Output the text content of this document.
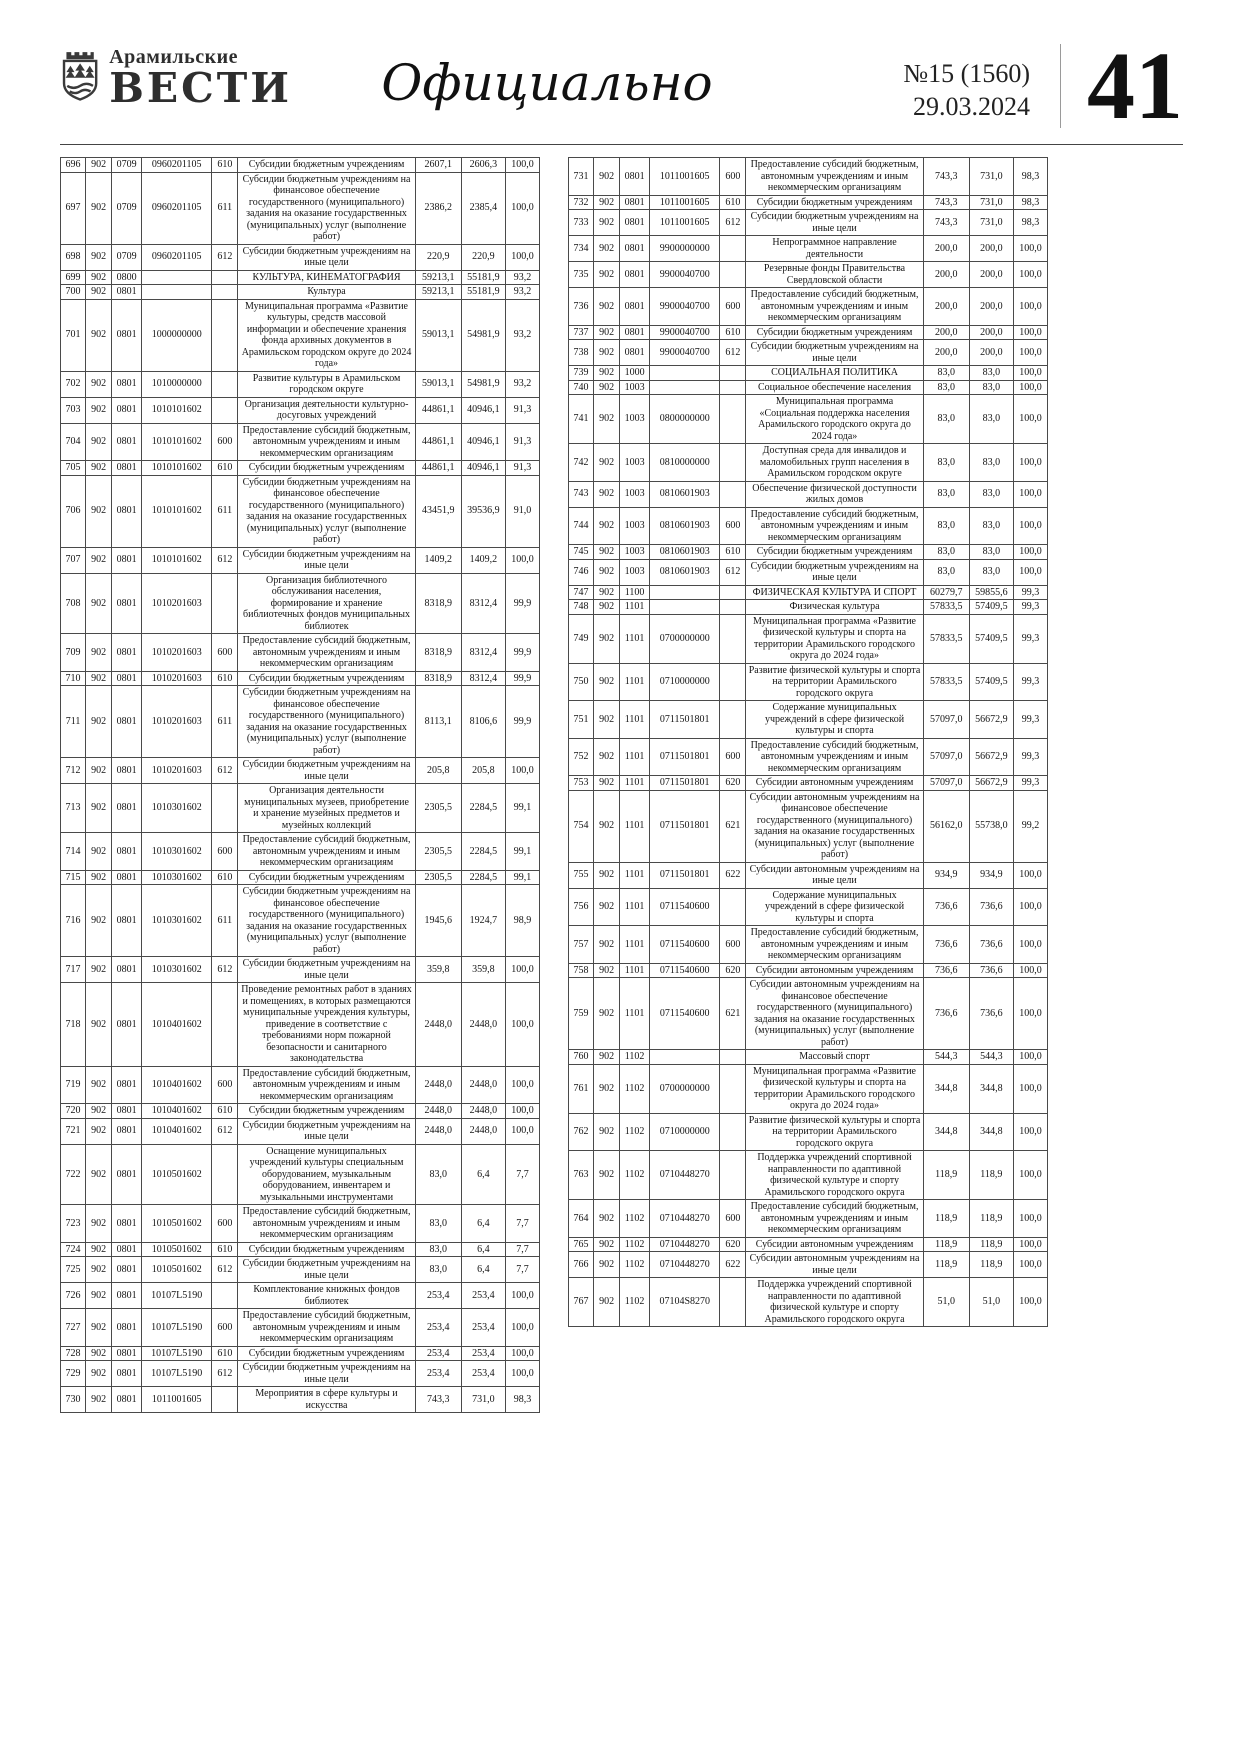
Арамильские
ВЕСТИ	Официально	№15 (1560)
29.03.2024 41
696	902	0709	0960201105	610	Субсидии бюджетным учреждениям	2607,1	2606,3	100,0
697	902	0709	0960201105	611	Субсидии бюджетным учреждениям на финансовое обеспечение государственного (муниципального) задания на оказание государственных (муниципальных) услуг (выполнение работ)	2386,2	2385,4	100,0
698	902	0709	0960201105	612	Субсидии бюджетным учреждениям на иные цели	220,9	220,9	100,0
699	902	0800			КУЛЬТУРА, КИНЕМАТОГРАФИЯ	59213,1	55181,9	93,2
700	902	0801			Культура	59213,1	55181,9	93,2
701	902	0801	1000000000		Муниципальная программа «Развитие культуры, средств массовой информации и обеспечение хранения фонда архивных документов в Арамильском городском округе до 2024 года»	59013,1	54981,9	93,2
702	902	0801	1010000000		Развитие культуры в Арамильском городском округе	59013,1	54981,9	93,2
703	902	0801	1010101602		Организация деятельности культурно-досуговых учреждений	44861,1	40946,1	91,3
704	902	0801	1010101602	600	Предоставление субсидий бюджетным, автономным учреждениям и иным некоммерческим организациям	44861,1	40946,1	91,3
705	902	0801	1010101602	610	Субсидии бюджетным учреждениям	44861,1	40946,1	91,3
706	902	0801	1010101602	611	Субсидии бюджетным учреждениям на финансовое обеспечение государственного (муниципального) задания на оказание государственных (муниципальных) услуг (выполнение работ)	43451,9	39536,9	91,0
707	902	0801	1010101602	612	Субсидии бюджетным учреждениям на иные цели	1409,2	1409,2	100,0
708	902	0801	1010201603		Организация библиотечного обслуживания населения, формирование и хранение библиотечных фондов муниципальных библиотек	8318,9	8312,4	99,9
709	902	0801	1010201603	600	Предоставление субсидий бюджетным, автономным учреждениям и иным некоммерческим организациям	8318,9	8312,4	99,9
710	902	0801	1010201603	610	Субсидии бюджетным учреждениям	8318,9	8312,4	99,9
711	902	0801	1010201603	611	Субсидии бюджетным учреждениям на финансовое обеспечение государственного (муниципального) задания на оказание государственных (муниципальных) услуг (выполнение работ)	8113,1	8106,6	99,9
712	902	0801	1010201603	612	Субсидии бюджетным учреждениям на иные цели	205,8	205,8	100,0
713	902	0801	1010301602		Организация деятельности муниципальных музеев, приобретение и хранение музейных предметов и музейных коллекций	2305,5	2284,5	99,1
714	902	0801	1010301602	600	Предоставление субсидий бюджетным, автономным учреждениям и иным некоммерческим организациям	2305,5	2284,5	99,1
715	902	0801	1010301602	610	Субсидии бюджетным учреждениям	2305,5	2284,5	99,1
716	902	0801	1010301602	611	Субсидии бюджетным учреждениям на финансовое обеспечение государственного (муниципального) задания на оказание государственных (муниципальных) услуг (выполнение работ)	1945,6	1924,7	98,9
717	902	0801	1010301602	612	Субсидии бюджетным учреждениям на иные цели	359,8	359,8	100,0
718	902	0801	1010401602		Проведение ремонтных работ в зданиях и помещениях, в которых размещаются муниципальные учреждения культуры, приведение в соответствие с требованиями норм пожарной безопасности и санитарного законодательства	2448,0	2448,0	100,0
719	902	0801	1010401602	600	Предоставление субсидий бюджетным, автономным учреждениям и иным некоммерческим организациям	2448,0	2448,0	100,0
720	902	0801	1010401602	610	Субсидии бюджетным учреждениям	2448,0	2448,0	100,0
721	902	0801	1010401602	612	Субсидии бюджетным учреждениям на иные цели	2448,0	2448,0	100,0
722	902	0801	1010501602		Оснащение муниципальных учреждений культуры специальным оборудованием, музыкальным оборудованием, инвентарем и музыкальными инструментами	83,0	6,4	7,7
723	902	0801	1010501602	600	Предоставление субсидий бюджетным, автономным учреждениям и иным некоммерческим организациям	83,0	6,4	7,7
724	902	0801	1010501602	610	Субсидии бюджетным учреждениям	83,0	6,4	7,7
725	902	0801	1010501602	612	Субсидии бюджетным учреждениям на иные цели	83,0	6,4	7,7
726	902	0801	10107L5190		Комплектование книжных фондов библиотек	253,4	253,4	100,0
727	902	0801	10107L5190	600	Предоставление субсидий бюджетным, автономным учреждениям и иным некоммерческим организациям	253,4	253,4	100,0
728	902	0801	10107L5190	610	Субсидии бюджетным учреждениям	253,4	253,4	100,0
729	902	0801	10107L5190	612	Субсидии бюджетным учреждениям на иные цели	253,4	253,4	100,0
730	902	0801	1011001605		Мероприятия в сфере культуры и искусства	743,3	731,0	98,3
731	902	0801	1011001605	600	Предоставление субсидий бюджетным, автономным учреждениям и иным некоммерческим организациям	743,3	731,0	98,3
732	902	0801	1011001605	610	Субсидии бюджетным учреждениям	743,3	731,0	98,3
733	902	0801	1011001605	612	Субсидии бюджетным учреждениям на иные цели	743,3	731,0	98,3
734	902	0801	9900000000		Непрограммное направление деятельности	200,0	200,0	100,0
735	902	0801	9900040700		Резервные фонды Правительства Свердловской области	200,0	200,0	100,0
736	902	0801	9900040700	600	Предоставление субсидий бюджетным, автономным учреждениям и иным некоммерческим организациям	200,0	200,0	100,0
737	902	0801	9900040700	610	Субсидии бюджетным учреждениям	200,0	200,0	100,0
738	902	0801	9900040700	612	Субсидии бюджетным учреждениям на иные цели	200,0	200,0	100,0
739	902	1000			СОЦИАЛЬНАЯ ПОЛИТИКА	83,0	83,0	100,0
740	902	1003			Социальное обеспечение населения	83,0	83,0	100,0
741	902	1003	0800000000		Муниципальная программа «Социальная поддержка населения Арамильского городского округа до 2024 года»	83,0	83,0	100,0
742	902	1003	0810000000		Доступная среда для инвалидов и маломобильных групп населения в Арамильском городском округе	83,0	83,0	100,0
743	902	1003	0810601903		Обеспечение физической доступности жилых домов	83,0	83,0	100,0
744	902	1003	0810601903	600	Предоставление субсидий бюджетным, автономным учреждениям и иным некоммерческим организациям	83,0	83,0	100,0
745	902	1003	0810601903	610	Субсидии бюджетным учреждениям	83,0	83,0	100,0
746	902	1003	0810601903	612	Субсидии бюджетным учреждениям на иные цели	83,0	83,0	100,0
747	902	1100			ФИЗИЧЕСКАЯ КУЛЬТУРА И СПОРТ	60279,7	59855,6	99,3
748	902	1101			Физическая культура	57833,5	57409,5	99,3
749	902	1101	0700000000		Муниципальная программа «Развитие физической культуры и спорта на территории Арамильского городского округа до 2024 года»	57833,5	57409,5	99,3
750	902	1101	0710000000		Развитие физической культуры и спорта на территории Арамильского городского округа	57833,5	57409,5	99,3
751	902	1101	0711501801		Содержание муниципальных учреждений в сфере физической культуры и спорта	57097,0	56672,9	99,3
752	902	1101	0711501801	600	Предоставление субсидий бюджетным, автономным учреждениям и иным некоммерческим организациям	57097,0	56672,9	99,3
753	902	1101	0711501801	620	Субсидии автономным учреждениям	57097,0	56672,9	99,3
754	902	1101	0711501801	621	Субсидии автономным учреждениям на финансовое обеспечение государственного (муниципального) задания на оказание государственных (муниципальных) услуг (выполнение работ)	56162,0	55738,0	99,2
755	902	1101	0711501801	622	Субсидии автономным учреждениям на иные цели	934,9	934,9	100,0
756	902	1101	0711540600		Содержание муниципальных учреждений в сфере физической культуры и спорта	736,6	736,6	100,0
757	902	1101	0711540600	600	Предоставление субсидий бюджетным, автономным учреждениям и иным некоммерческим организациям	736,6	736,6	100,0
758	902	1101	0711540600	620	Субсидии автономным учреждениям	736,6	736,6	100,0
759	902	1101	0711540600	621	Субсидии автономным учреждениям на финансовое обеспечение государственного (муниципального) задания на оказание государственных (муниципальных) услуг (выполнение работ)	736,6	736,6	100,0
760	902	1102			Массовый спорт	544,3	544,3	100,0
761	902	1102	0700000000		Муниципальная программа «Развитие физической культуры и спорта на территории Арамильского городского округа до 2024 года»	344,8	344,8	100,0
762	902	1102	0710000000		Развитие физической культуры и спорта на территории Арамильского городского округа	344,8	344,8	100,0
763	902	1102	0710448270		Поддержка учреждений спортивной направленности по адаптивной физической культуре и спорту Арамильского городского округа	118,9	118,9	100,0
764	902	1102	0710448270	600	Предоставление субсидий бюджетным, автономным учреждениям и иным некоммерческим организациям	118,9	118,9	100,0
765	902	1102	0710448270	620	Субсидии автономным учреждениям	118,9	118,9	100,0
766	902	1102	0710448270	622	Субсидии автономным учреждениям на иные цели	118,9	118,9	100,0
767	902	1102	07104S8270		Поддержка учреждений спортивной направленности по адаптивной физической культуре и спорту Арамильского городского округа	51,0	51,0	100,0
